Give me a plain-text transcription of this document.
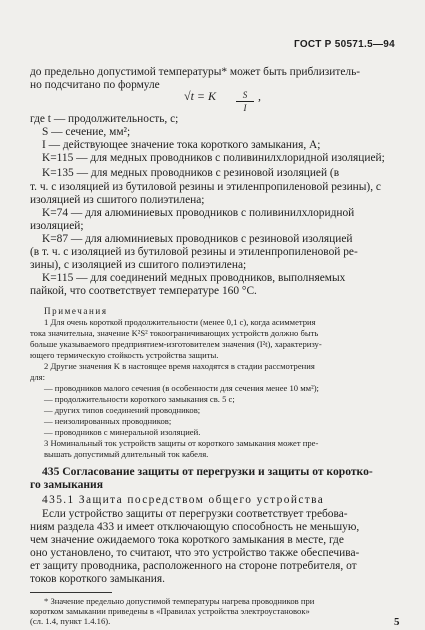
ГОСТ Р 50571.5—94
до предельно допустимой температуры* может быть приблизитель-
но подсчитано по формуле
√t = K	S
I
,
где t — продолжительность, с;
S — сечение, мм²;
I — действующее значение тока короткого замыкания, А;
K=115 — для медных проводников с поливинилхлоридной изоляцией;
K=135 — для медных проводников с резиновой изоляцией (в
т. ч. с изоляцией из бутиловой резины и этиленпропиленовой резины), с изоляцией из сшитого полиэтилена;
K=74 — для алюминиевых проводников с поливинилхлоридной
изоляцией;
K=87 — для алюминиевых проводников с резиновой изоляцией
(в т. ч. с изоляцией из бутиловой резины и этиленпропиленовой ре-
зины), с изоляцией из сшитого полиэтилена;
K=115 — для соединений медных проводников, выполняемых
пайкой, что соответствует температуре 160 °С.
Примечания
1 Для очень короткой продолжительности (менее 0,1 с), когда асимметрия
тока значительна, значение K²S² токоограничивающих устройств должно быть
больше указываемого предприятием-изготовителем значения (I²t), характеризу-
ющего термическую стойкость устройства защиты.
2 Другие значения K в настоящее время находятся в стадии рассмотрения
для:
— проводников малого сечения (в особенности для сечения менее 10 мм²);
— продолжительности короткого замыкания св. 5 с;
— других типов соединений проводников;
— неизолированных проводников;
— проводников с минеральной изоляцией.
3 Номинальный ток устройств защиты от короткого замыкания может пре-
вышать допустимый длительный ток кабеля.
435 Согласование защиты от перегрузки и защиты от коротко-
го замыкания
435.1 Защита посредством общего устройства
Если устройство защиты от перегрузки соответствует требова-
ниям раздела 433 и имеет отключающую способность не меньшую,
чем значение ожидаемого тока короткого замыкания в месте, где
оно установлено, то считают, что это устройство также обеспечива-
ет защиту проводника, расположенного на стороне потребителя, от
токов короткого замыкания.
* Значение предельно допустимой температуры нагрева проводников при
коротком замыкании приведены в «Правилах устройства электроустановок»
(сл. 1.4, пункт 1.4.16).	5
